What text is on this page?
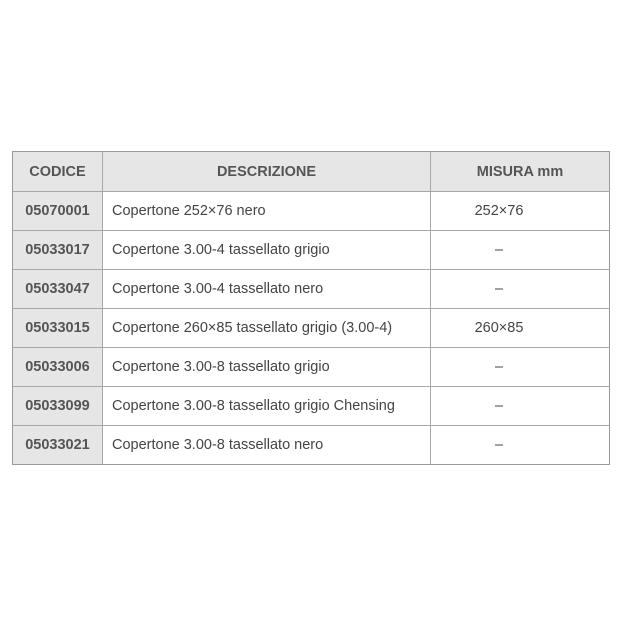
CODICE	DESCRIZIONE	MISURA mm
05070001	Copertone 252×76 nero	252×76
05033017	Copertone 3.00-4 tassellato grigio	–
05033047	Copertone 3.00-4 tassellato nero	–
05033015	Copertone 260×85 tassellato grigio (3.00-4)	260×85
05033006	Copertone 3.00-8 tassellato grigio	–
05033099	Copertone 3.00-8 tassellato grigio Chensing	–
05033021	Copertone 3.00-8 tassellato nero	–
